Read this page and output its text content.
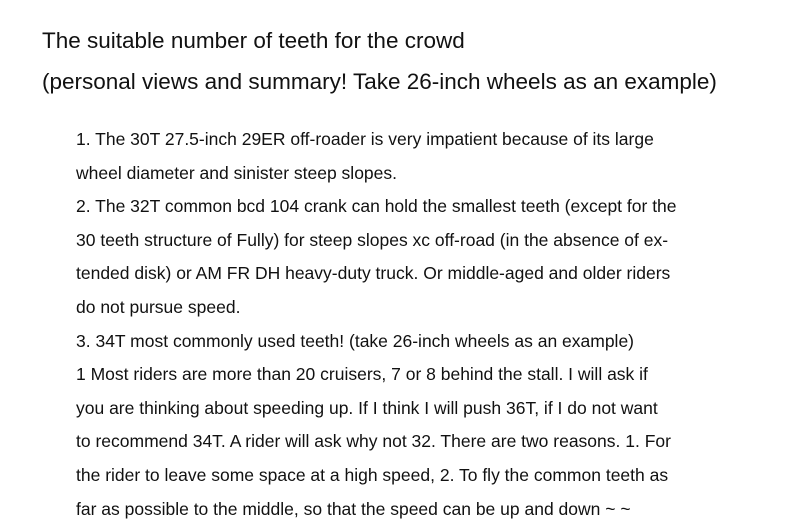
The suitable number of teeth for the crowd
(personal views and summary! Take 26-inch wheels as an example)
1. The 30T 27.5-inch 29ER off-roader is very impatient because of its large
wheel diameter and sinister steep slopes.
2. The 32T common bcd 104 crank can hold the smallest teeth (except for the
30 teeth structure of Fully) for steep slopes xc off-road (in the absence of ex-
tended disk) or AM FR DH heavy-duty truck. Or middle-aged and older riders
do not pursue speed.
3. 34T most commonly used teeth! (take 26-inch wheels as an example)
1 Most riders are more than 20 cruisers, 7 or 8 behind the stall. I will ask if
you are thinking about speeding up. If I think I will push 36T, if I do not want
to recommend 34T. A rider will ask why not 32. There are two reasons. 1. For
the rider to leave some space at a high speed, 2. To fly the common teeth as
far as possible to the middle, so that the speed can be up and down ~ ~
